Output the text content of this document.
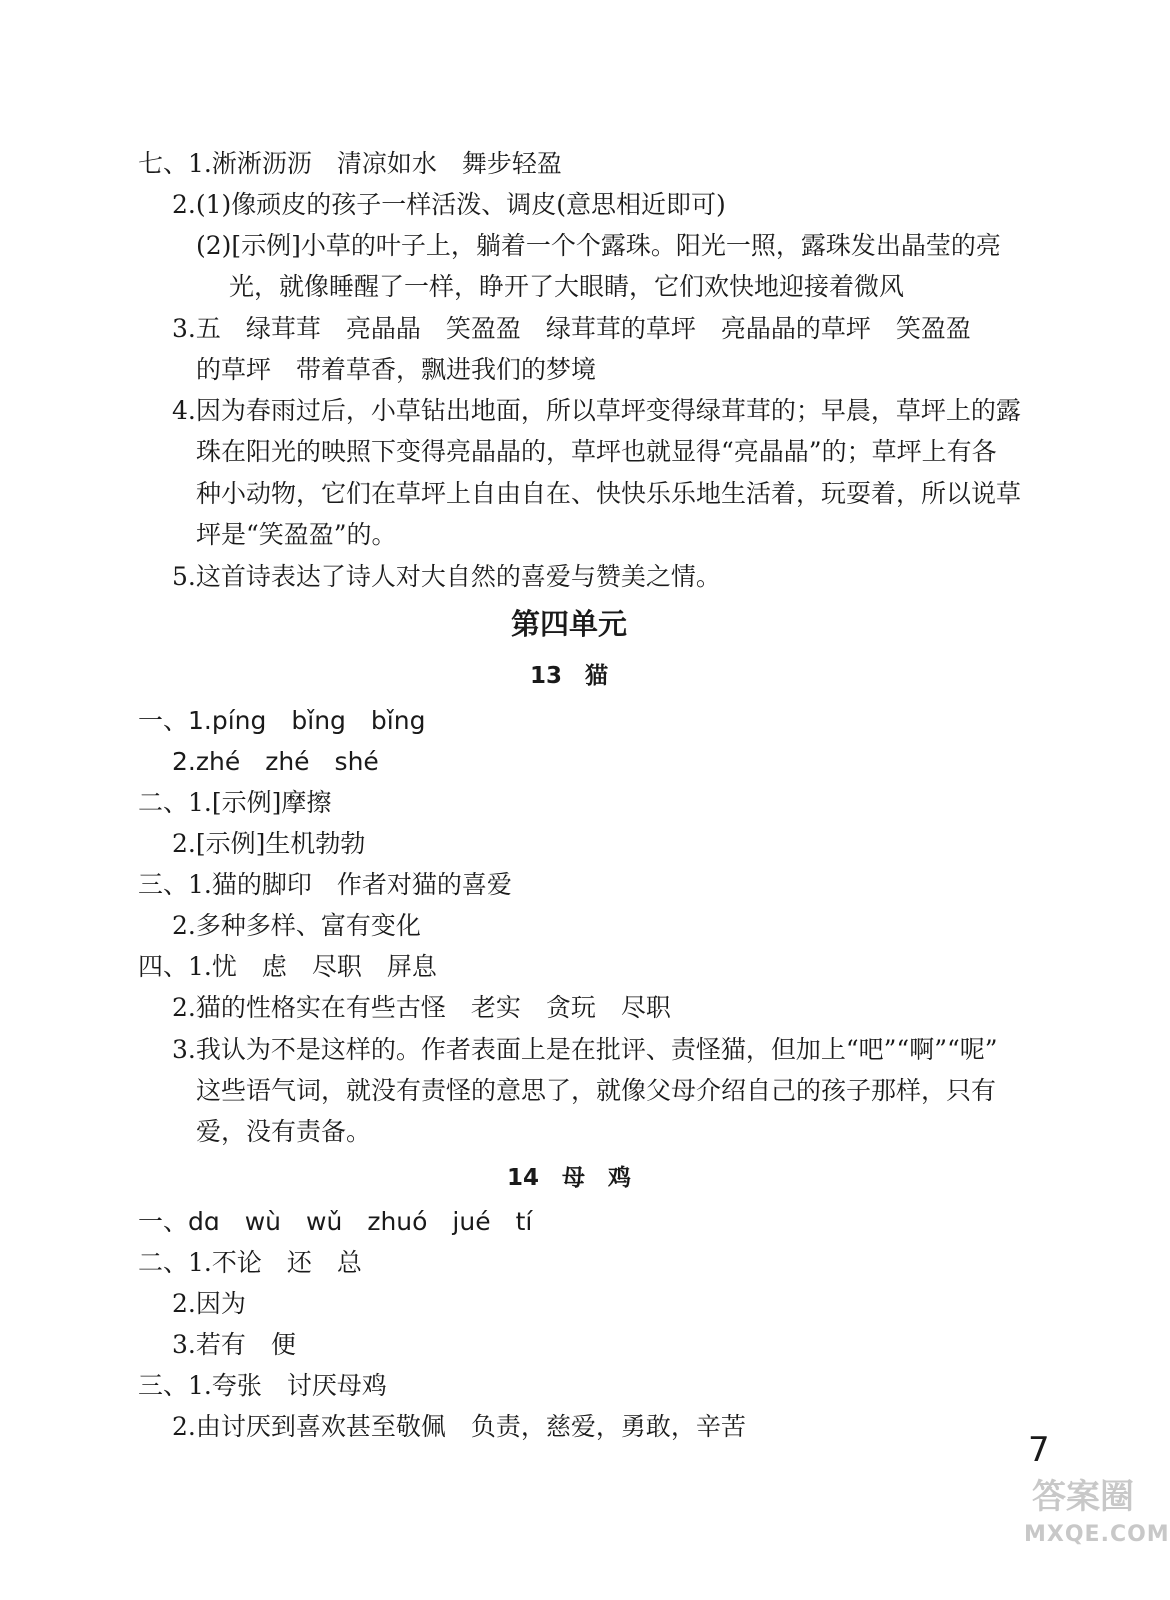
七、1.淅淅沥沥　清凉如水　舞步轻盈
2.(1)像顽皮的孩子一样活泼、调皮(意思相近即可)
(2)[示例]小草的叶子上，躺着一个个露珠。阳光一照，露珠发出晶莹的亮
光，就像睡醒了一样，睁开了大眼睛，它们欢快地迎接着微风
3.五　绿茸茸　亮晶晶　笑盈盈　绿茸茸的草坪　亮晶晶的草坪　笑盈盈
的草坪　带着草香，飘进我们的梦境
4.因为春雨过后，小草钻出地面，所以草坪变得绿茸茸的；早晨，草坪上的露
珠在阳光的映照下变得亮晶晶的，草坪也就显得“亮晶晶”的；草坪上有各
种小动物，它们在草坪上自由自在、快快乐乐地生活着，玩耍着，所以说草
坪是“笑盈盈”的。
5.这首诗表达了诗人对大自然的喜爱与赞美之情。
第四单元
13　猫
一、1.píng　bǐng　bǐng
2.zhé　zhé　shé
二、1.[示例]摩擦
2.[示例]生机勃勃
三、1.猫的脚印　作者对猫的喜爱
2.多种多样、富有变化
四、1.忧　虑　尽职　屏息
2.猫的性格实在有些古怪　老实　贪玩　尽职
3.我认为不是这样的。作者表面上是在批评、责怪猫，但加上“吧”“啊”“呢”
这些语气词，就没有责怪的意思了，就像父母介绍自己的孩子那样，只有
爱，没有责备。
14　母　鸡
一、dɑ　wù　wǔ　zhuó　jué　tí
二、1.不论　还　总
2.因为
3.若有　便
三、1.夸张　讨厌母鸡
2.由讨厌到喜欢甚至敬佩　负责，慈爱，勇敢，辛苦
7
答案圈
MXQE.COM
